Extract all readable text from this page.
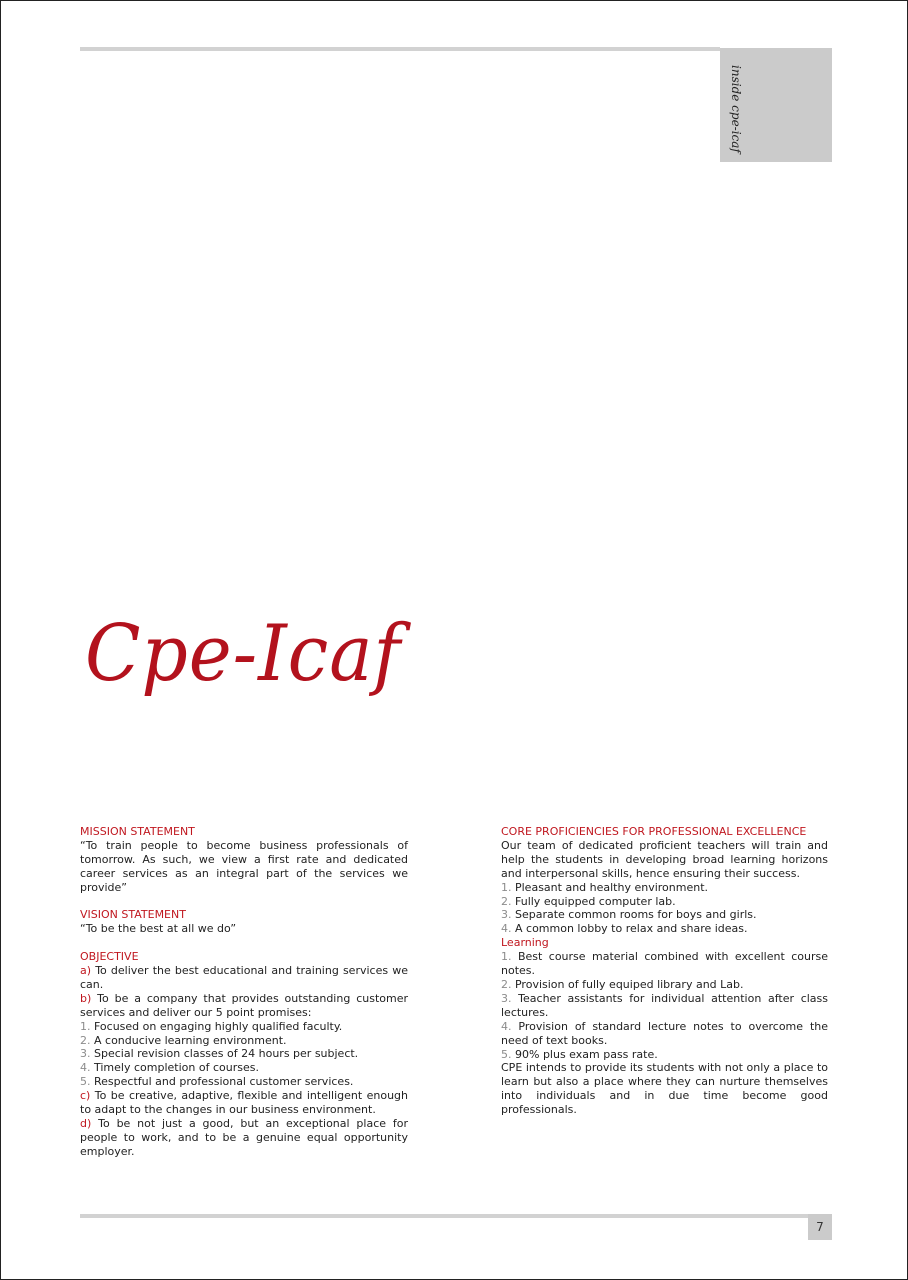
inside cpe-icaf
Cpe-Icaf

MISSION STATEMENT

“To train people to become business professionals of tomorrow. As such, we view a first rate and dedicated career services as an integral part of the services we provide”

VISION STATEMENT

“To be the best at all we do”

OBJECTIVE

a) To deliver the best educational and training services we can.

b) To be a company that provides outstanding customer services and deliver our 5 point promises:

1. Focused on engaging highly qualified faculty.

2. A conducive learning environment.

3. Special revision classes of 24 hours per subject.

4. Timely completion of courses.

5. Respectful and professional customer services.

c) To be creative, adaptive, flexible and intelligent enough to adapt to the changes in our business environment.

d) To be not just a good, but an exceptional place for people to work, and to be a genuine equal opportunity employer.

CORE PROFICIENCIES FOR PROFESSIONAL EXCELLENCE

Our team of dedicated proficient teachers will train and help the students in developing broad learning horizons and interpersonal skills, hence ensuring their success.

1. Pleasant and healthy environment.

2. Fully equipped computer lab.

3. Separate common rooms for boys and girls.

4. A common lobby to relax and share ideas.

Learning

1. Best course material combined with excellent course notes.

2. Provision of fully equiped library and Lab.

3. Teacher assistants for individual attention after class lectures.

4. Provision of standard lecture notes to overcome the need of text books.

5. 90% plus exam pass rate.

CPE intends to provide its students with not only a place to learn but also a place where they can nurture themselves into individuals and in due time become good professionals.

7
